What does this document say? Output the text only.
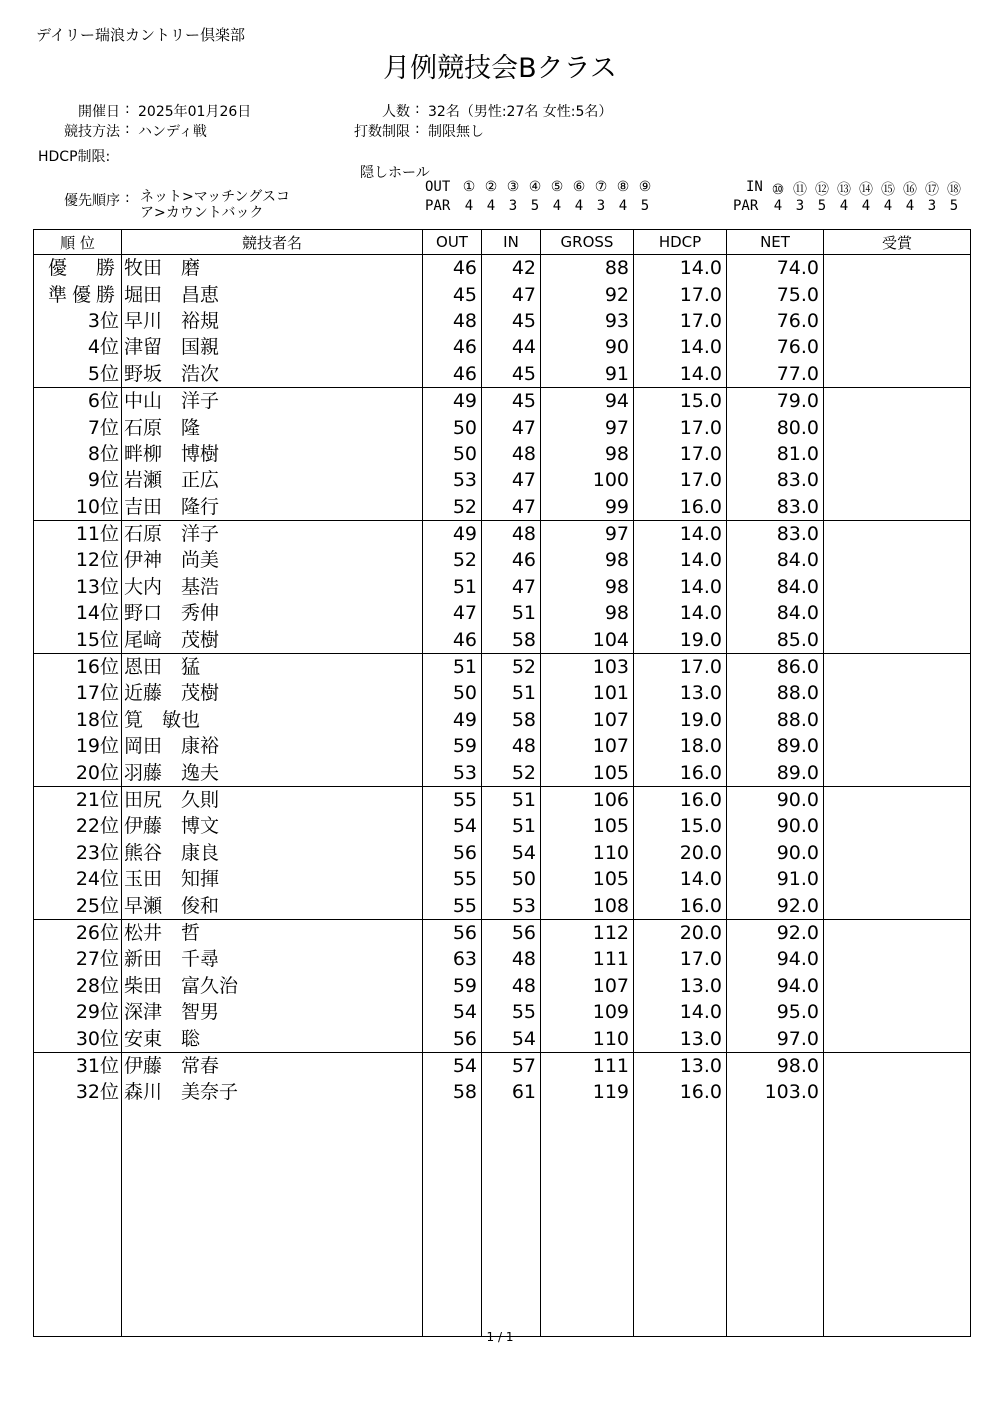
デイリー瑞浪カントリー倶楽部
月例競技会Bクラス
開催日 : 2025年01月26日
競技方法 : ハンディ戦
HDCP制限:
人数 : 32名（男性:27名 女性:5名）
打数制限 : 制限無し
優先順序 : ネット>マッチングスコ
ア>カウントバック
隠しホール
OUT
PAR
① ② ③ ④ ⑤ ⑥ ⑦ ⑧ ⑨
4 4 3 5 4 4 3 4 5
IN
PAR
⑩ ⑪ ⑫ ⑬ ⑭ ⑮ ⑯ ⑰ ⑱
4 3 5 4 4 4 4 3 5
順 位	競技者名	OUT	IN	GROSS	HDCP	NET	受賞
優 勝	牧田　磨	46	42	88	14.0	74.0	
準優勝	堀田　昌恵	45	47	92	17.0	75.0	
3位	早川　裕規	48	45	93	17.0	76.0	
4位	津留　国親	46	44	90	14.0	76.0	
5位	野坂　浩次	46	45	91	14.0	77.0	
6位	中山　洋子	49	45	94	15.0	79.0	
7位	石原　隆	50	47	97	17.0	80.0	
8位	畔柳　博樹	50	48	98	17.0	81.0	
9位	岩瀬　正広	53	47	100	17.0	83.0	
10位	吉田　隆行	52	47	99	16.0	83.0	
11位	石原　洋子	49	48	97	14.0	83.0	
12位	伊神　尚美	52	46	98	14.0	84.0	
13位	大内　基浩	51	47	98	14.0	84.0	
14位	野口　秀伸	47	51	98	14.0	84.0	
15位	尾﨑　茂樹	46	58	104	19.0	85.0	
16位	恩田　猛	51	52	103	17.0	86.0	
17位	近藤　茂樹	50	51	101	13.0	88.0	
18位	筧　敏也	49	58	107	19.0	88.0	
19位	岡田　康裕	59	48	107	18.0	89.0	
20位	羽藤　逸夫	53	52	105	16.0	89.0	
21位	田尻　久則	55	51	106	16.0	90.0	
22位	伊藤　博文	54	51	105	15.0	90.0	
23位	熊谷　康良	56	54	110	20.0	90.0	
24位	玉田　知揮	55	50	105	14.0	91.0	
25位	早瀬　俊和	55	53	108	16.0	92.0	
26位	松井　哲	56	56	112	20.0	92.0	
27位	新田　千尋	63	48	111	17.0	94.0	
28位	柴田　富久治	59	48	107	13.0	94.0	
29位	深津　智男	54	55	109	14.0	95.0	
30位	安東　聡	56	54	110	13.0	97.0	
31位	伊藤　常春	54	57	111	13.0	98.0	
32位	森川　美奈子	58	61	119	16.0	103.0	

1 / 1
